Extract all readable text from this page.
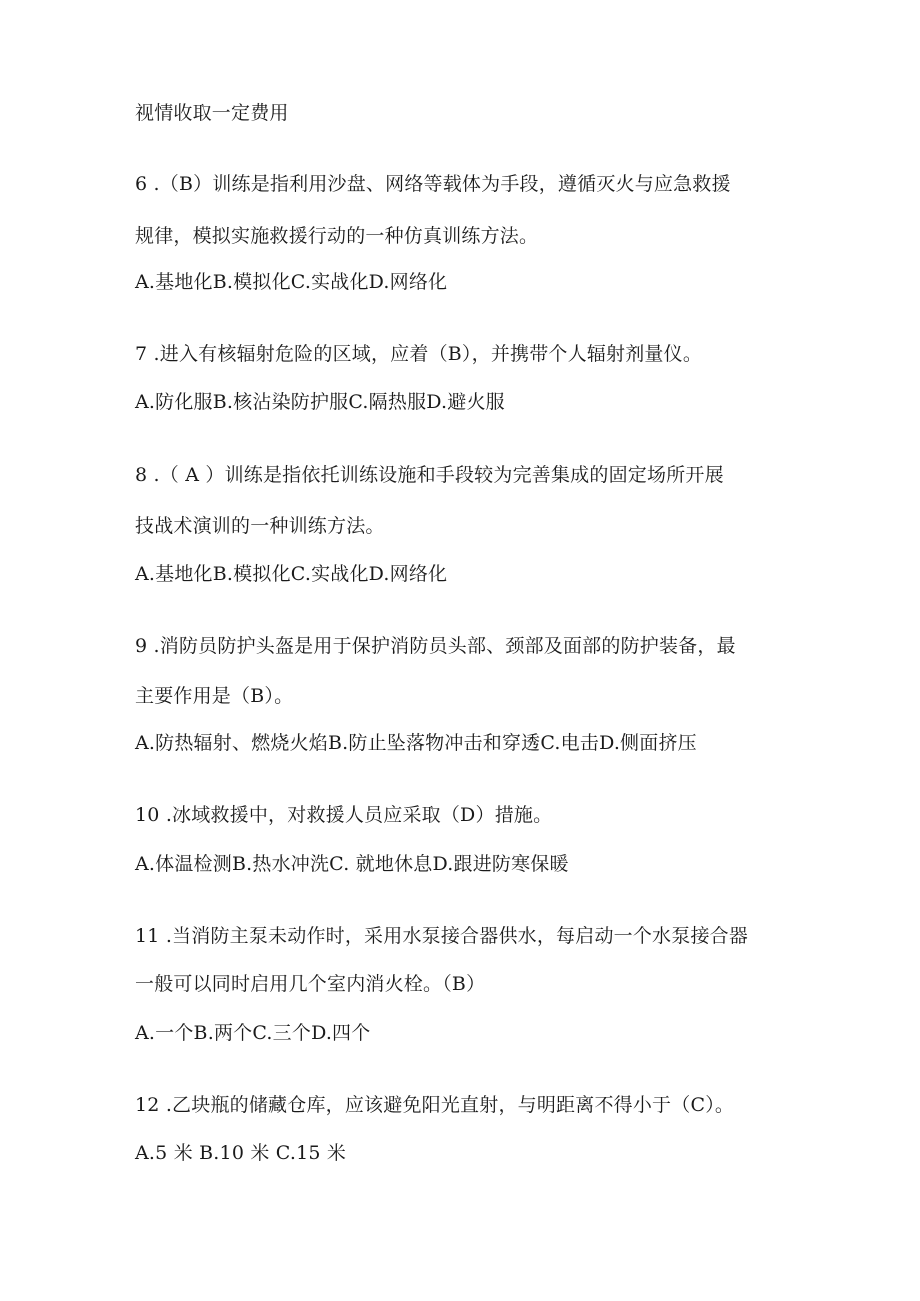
视情收取一定费用
6 .（B）训练是指利用沙盘、网络等载体为手段，遵循灭火与应急救援
规律，模拟实施救援行动的一种仿真训练方法。
A.基地化B.模拟化C.实战化D.网络化
7 .进入有核辐射危险的区域，应着（B），并携带个人辐射剂量仪。
A.防化服B.核沾染防护服C.隔热服D.避火服
8 .（ A ）训练是指依托训练设施和手段较为完善集成的固定场所开展
技战术演训的一种训练方法。
A.基地化B.模拟化C.实战化D.网络化
9 .消防员防护头盔是用于保护消防员头部、颈部及面部的防护装备，最
主要作用是（B）。
A.防热辐射、燃烧火焰B.防止坠落物冲击和穿透C.电击D.侧面挤压
10 .冰域救援中，对救援人员应采取（D）措施。
A.体温检测B.热水冲洗C. 就地休息D.跟进防寒保暖
11 .当消防主泵未动作时，采用水泵接合器供水，每启动一个水泵接合器
一般可以同时启用几个室内消火栓。（B）
A.一个B.两个C.三个D.四个
12 .乙块瓶的储藏仓库，应该避免阳光直射，与明距离不得小于（C）。
A.5 米 B.10 米 C.15 米
